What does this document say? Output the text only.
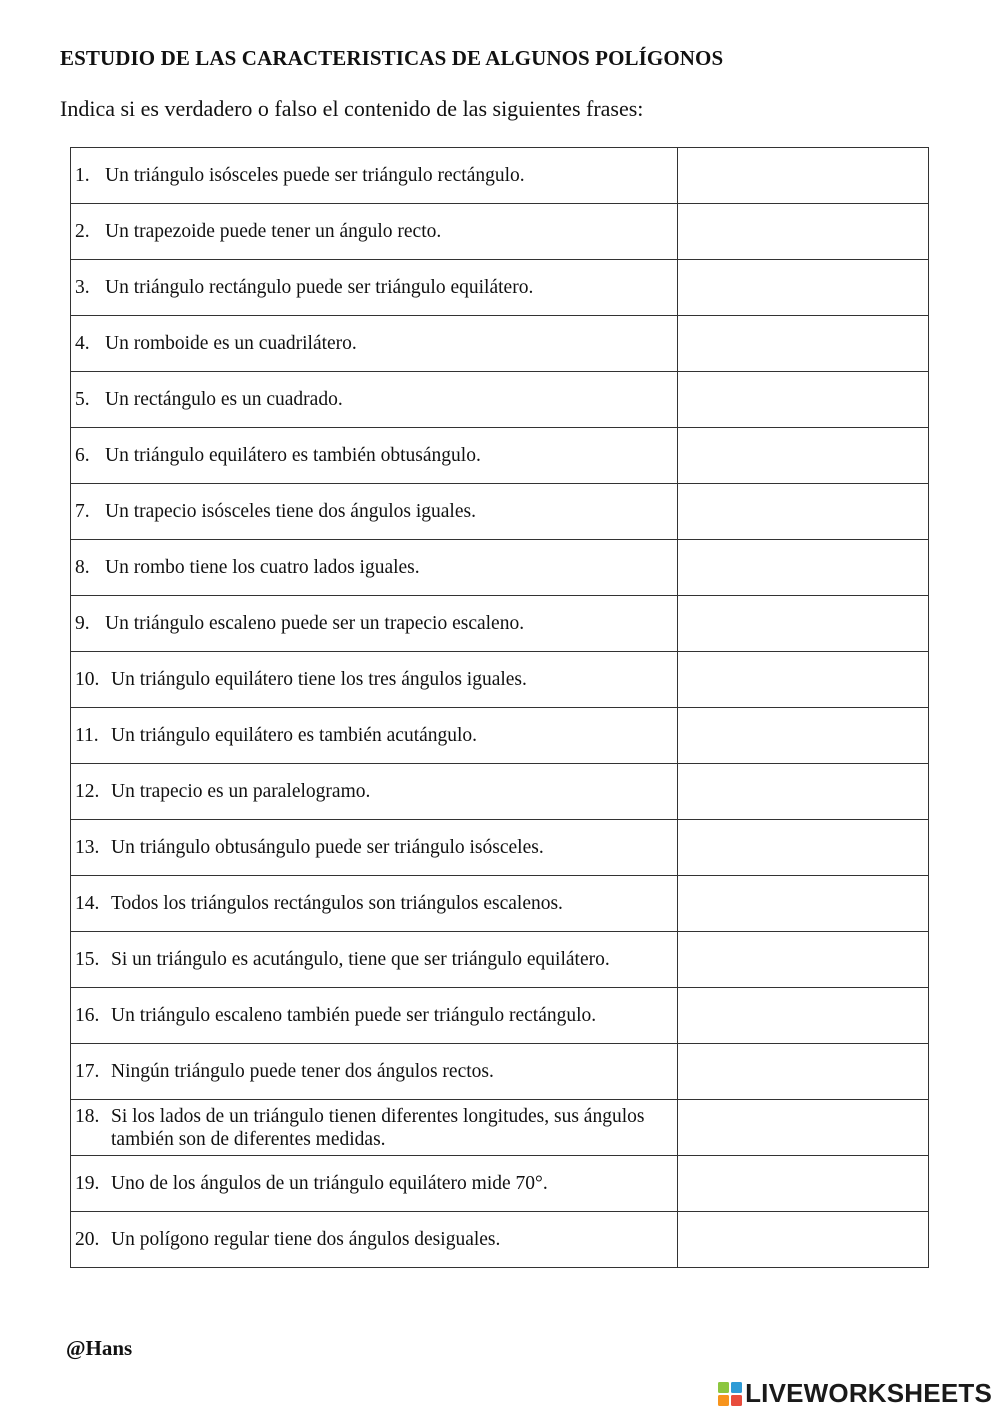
ESTUDIO DE LAS CARACTERISTICAS DE ALGUNOS POLÍGONOS
Indica si es verdadero o falso el contenido de las siguientes frases:
1. Un triángulo isósceles puede ser triángulo rectángulo.	

2. Un trapezoide puede tener un ángulo recto.	

3. Un triángulo rectángulo puede ser triángulo equilátero.	

4. Un romboide es un cuadrilátero.	

5. Un rectángulo es un cuadrado.	

6. Un triángulo equilátero es también obtusángulo.	

7. Un trapecio isósceles tiene dos ángulos iguales.	

8. Un rombo tiene los cuatro lados iguales.	

9. Un triángulo escaleno puede ser un trapecio escaleno.	

10. Un triángulo equilátero tiene los tres ángulos iguales.	

11. Un triángulo equilátero es también acutángulo.	

12. Un trapecio es un paralelogramo.	

13. Un triángulo obtusángulo puede ser triángulo isósceles.	

14. Todos los triángulos rectángulos son triángulos escalenos.	

15. Si un triángulo es acutángulo, tiene que ser triángulo equilátero.	

16. Un triángulo escaleno también puede ser triángulo rectángulo.	

17. Ningún triángulo puede tener dos ángulos rectos.	

18. Si los lados de un triángulo tienen diferentes longitudes, sus ángulos también son de diferentes medidas.	

19. Uno de los ángulos de un triángulo equilátero mide 70°.	

20. Un polígono regular tiene dos ángulos desiguales.	

@Hans
LIVEWORKSHEETS
